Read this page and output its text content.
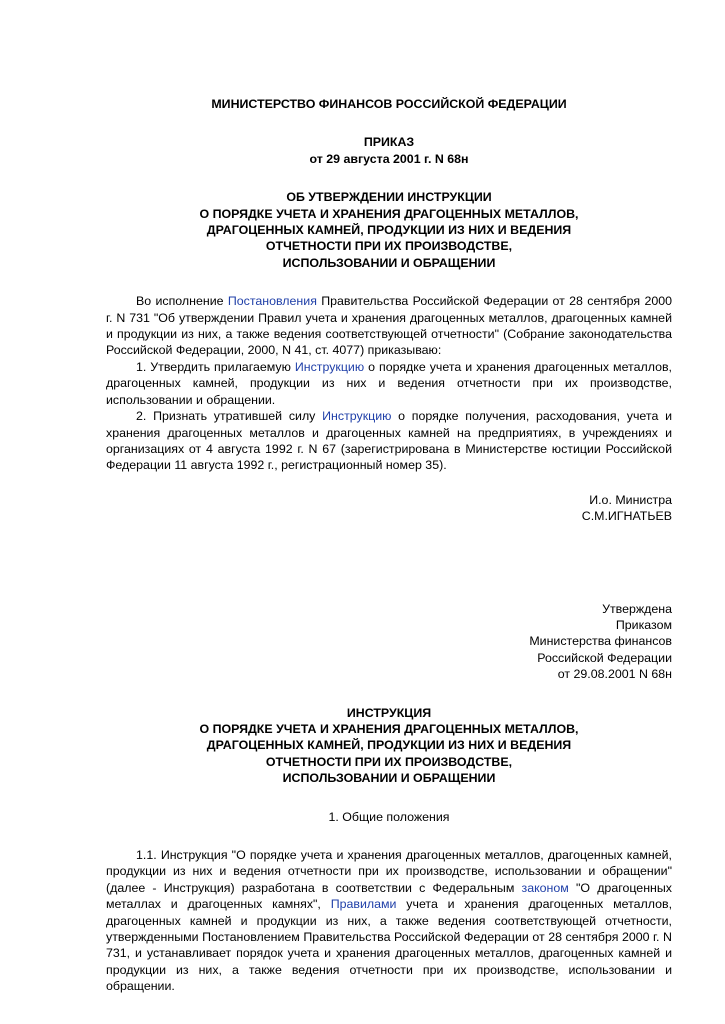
МИНИСТЕРСТВО ФИНАНСОВ РОССИЙСКОЙ ФЕДЕРАЦИИ

ПРИКАЗ

от 29 августа 2001 г. N 68н

ОБ УТВЕРЖДЕНИИ ИНСТРУКЦИИ

О ПОРЯДКЕ УЧЕТА И ХРАНЕНИЯ ДРАГОЦЕННЫХ МЕТАЛЛОВ,

ДРАГОЦЕННЫХ КАМНЕЙ, ПРОДУКЦИИ ИЗ НИХ И ВЕДЕНИЯ

ОТЧЕТНОСТИ ПРИ ИХ ПРОИЗВОДСТВЕ,

ИСПОЛЬЗОВАНИИ И ОБРАЩЕНИИ

Во исполнение Постановления Правительства Российской Федерации от 28 сентября 2000 г. N 731 "Об утверждении Правил учета и хранения драгоценных металлов, драгоценных камней и продукции из них, а также ведения соответствующей отчетности" (Собрание законодательства Российской Федерации, 2000, N 41, ст. 4077) приказываю:

1. Утвердить прилагаемую Инструкцию о порядке учета и хранения драгоценных металлов, драгоценных камней, продукции из них и ведения отчетности при их производстве, использовании и обращении.

2. Признать утратившей силу Инструкцию о порядке получения, расходования, учета и хранения драгоценных металлов и драгоценных камней на предприятиях, в учреждениях и организациях от 4 августа 1992 г. N 67 (зарегистрирована в Министерстве юстиции Российской Федерации 11 августа 1992 г., регистрационный номер 35).

И.о. Министра

С.М.ИГНАТЬЕВ

Утверждена

Приказом

Министерства финансов

Российской Федерации

от 29.08.2001 N 68н

ИНСТРУКЦИЯ

О ПОРЯДКЕ УЧЕТА И ХРАНЕНИЯ ДРАГОЦЕННЫХ МЕТАЛЛОВ,

ДРАГОЦЕННЫХ КАМНЕЙ, ПРОДУКЦИИ ИЗ НИХ И ВЕДЕНИЯ

ОТЧЕТНОСТИ ПРИ ИХ ПРОИЗВОДСТВЕ,

ИСПОЛЬЗОВАНИИ И ОБРАЩЕНИИ

1. Общие положения

1.1. Инструкция "О порядке учета и хранения драгоценных металлов, драгоценных камней, продукции из них и ведения отчетности при их производстве, использовании и обращении" (далее - Инструкция) разработана в соответствии с Федеральным законом "О драгоценных металлах и драгоценных камнях", Правилами учета и хранения драгоценных металлов, драгоценных камней и продукции из них, а также ведения соответствующей отчетности, утвержденными Постановлением Правительства Российской Федерации от 28 сентября 2000 г. N 731, и устанавливает порядок учета и хранения драгоценных металлов, драгоценных камней и продукции из них, а также ведения отчетности при их производстве, использовании и обращении.
